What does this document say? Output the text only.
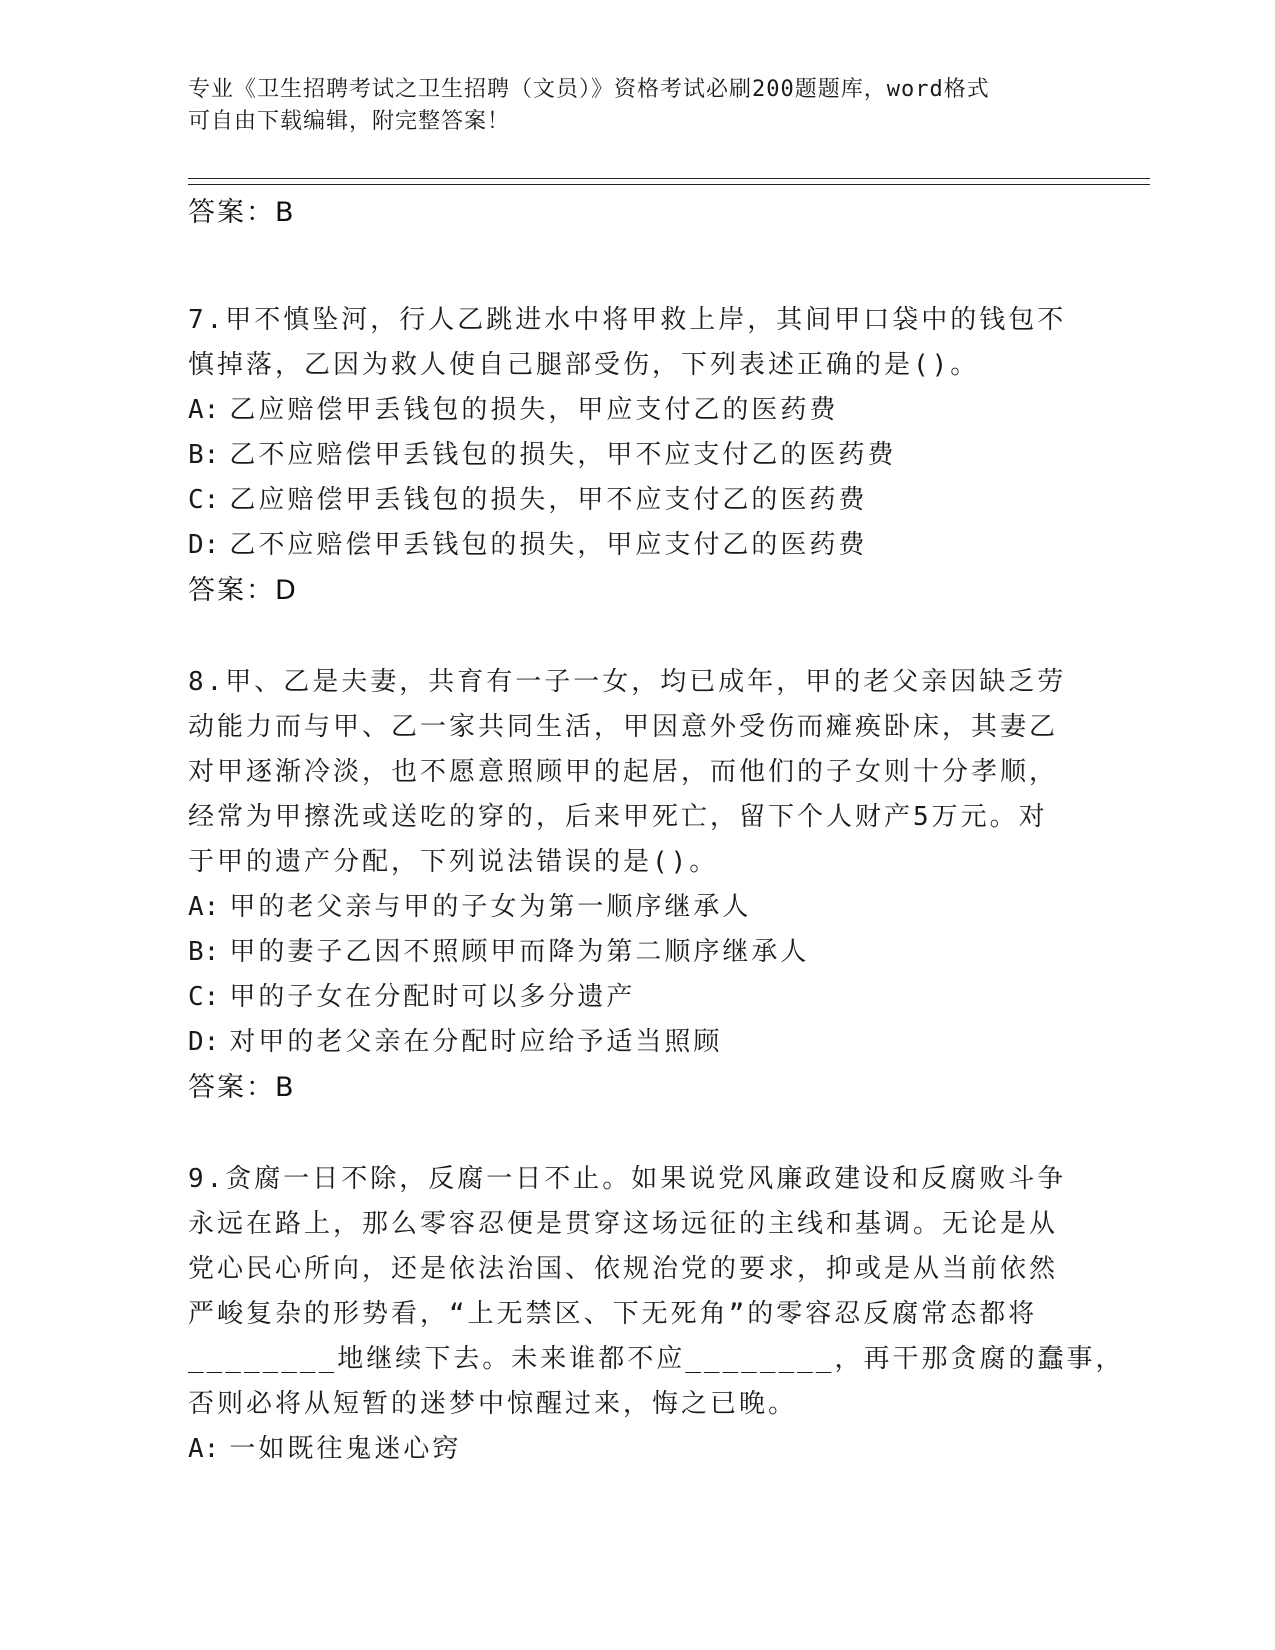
专业《卫生招聘考试之卫生招聘（文员）》资格考试必刷200题题库，word格式
可自由下载编辑，附完整答案！
答案：B
7.甲不慎坠河，行人乙跳进水中将甲救上岸，其间甲口袋中的钱包不
慎掉落，乙因为救人使自己腿部受伤，下列表述正确的是()。
A: 乙应赔偿甲丢钱包的损失，甲应支付乙的医药费
B: 乙不应赔偿甲丢钱包的损失，甲不应支付乙的医药费
C: 乙应赔偿甲丢钱包的损失，甲不应支付乙的医药费
D: 乙不应赔偿甲丢钱包的损失，甲应支付乙的医药费
答案：D
8.甲、乙是夫妻，共育有一子一女，均已成年，甲的老父亲因缺乏劳
动能力而与甲、乙一家共同生活，甲因意外受伤而瘫痪卧床，其妻乙
对甲逐渐冷淡，也不愿意照顾甲的起居，而他们的子女则十分孝顺，
经常为甲擦洗或送吃的穿的，后来甲死亡，留下个人财产5万元。对
于甲的遗产分配，下列说法错误的是()。
A: 甲的老父亲与甲的子女为第一顺序继承人
B: 甲的妻子乙因不照顾甲而降为第二顺序继承人
C: 甲的子女在分配时可以多分遗产
D: 对甲的老父亲在分配时应给予适当照顾
答案：B
9.贪腐一日不除，反腐一日不止。如果说党风廉政建设和反腐败斗争
永远在路上，那么零容忍便是贯穿这场远征的主线和基调。无论是从
党心民心所向，还是依法治国、依规治党的要求，抑或是从当前依然
严峻复杂的形势看，“上无禁区、下无死角”的零容忍反腐常态都将
________地继续下去。未来谁都不应________，再干那贪腐的蠢事，
否则必将从短暂的迷梦中惊醒过来，悔之已晚。
A: 一如既往鬼迷心窍
